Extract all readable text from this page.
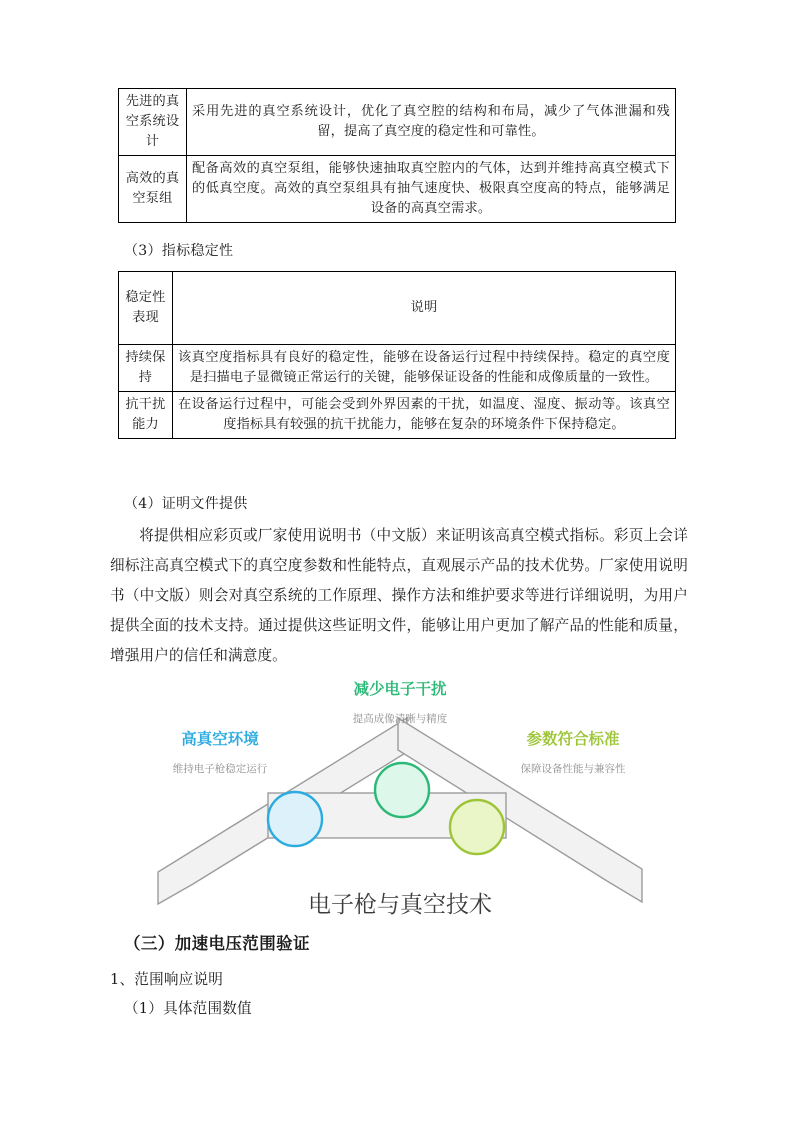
先进的真空系统设计	采用先进的真空系统设计，优化了真空腔的结构和布局，减少了气体泄漏和残留，提高了真空度的稳定性和可靠性。
高效的真空泵组	配备高效的真空泵组，能够快速抽取真空腔内的气体，达到并维持高真空模式下的低真空度。高效的真空泵组具有抽气速度快、极限真空度高的特点，能够满足设备的高真空需求。
（3）指标稳定性
稳定性表现	说明
持续保持	该真空度指标具有良好的稳定性，能够在设备运行过程中持续保持。稳定的真空度是扫描电子显微镜正常运行的关键，能够保证设备的性能和成像质量的一致性。
抗干扰能力	在设备运行过程中，可能会受到外界因素的干扰，如温度、湿度、振动等。该真空度指标具有较强的抗干扰能力，能够在复杂的环境条件下保持稳定。
（4）证明文件提供
将提供相应彩页或厂家使用说明书（中文版）来证明该高真空模式指标。彩页上会详细标注高真空模式下的真空度参数和性能特点，直观展示产品的技术优势。厂家使用说明书（中文版）则会对真空系统的工作原理、操作方法和维护要求等进行详细说明，为用户提供全面的技术支持。通过提供这些证明文件，能够让用户更加了解产品的性能和质量，增强用户的信任和满意度。
减少电子干扰
提高成像清晰与精度
高真空环境
维持电子枪稳定运行
参数符合标准
保障设备性能与兼容性
电子枪与真空技术
（三）加速电压范围验证
1、范围响应说明
（1）具体范围数值
